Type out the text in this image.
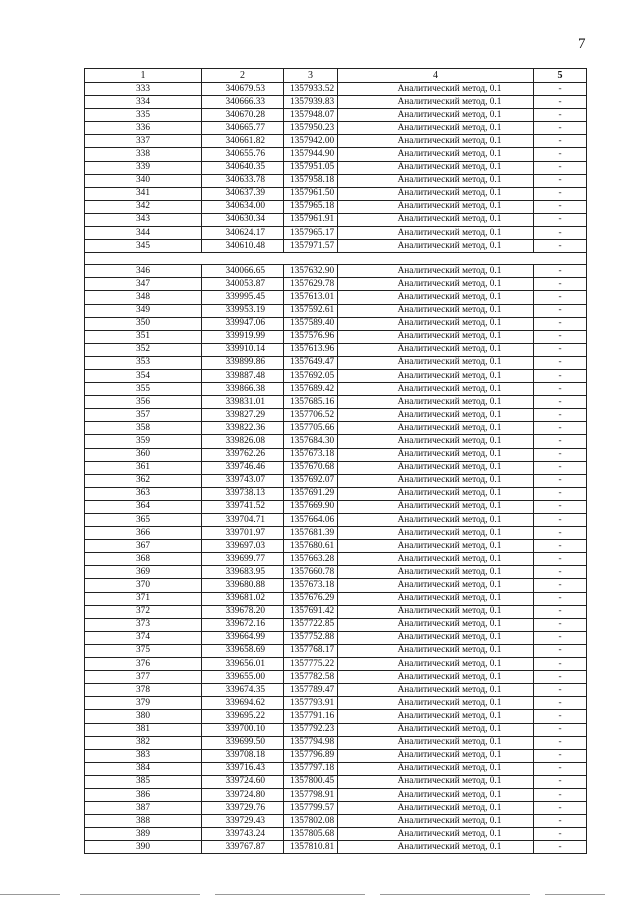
7
1	2	3	4	5
333	340679.53	1357933.52	Аналитический метод, 0.1	-
334	340666.33	1357939.83	Аналитический метод, 0.1	-
335	340670.28	1357948.07	Аналитический метод, 0.1	-
336	340665.77	1357950.23	Аналитический метод, 0.1	-
337	340661.82	1357942.00	Аналитический метод, 0.1	-
338	340655.76	1357944.90	Аналитический метод, 0.1	-
339	340640.35	1357951.05	Аналитический метод, 0.1	-
340	340633.78	1357958.18	Аналитический метод, 0.1	-
341	340637.39	1357961.50	Аналитический метод, 0.1	-
342	340634.00	1357965.18	Аналитический метод, 0.1	-
343	340630.34	1357961.91	Аналитический метод, 0.1	-
344	340624.17	1357965.17	Аналитический метод, 0.1	-
345	340610.48	1357971.57	Аналитический метод, 0.1	-

346	340066.65	1357632.90	Аналитический метод, 0.1	-
347	340053.87	1357629.78	Аналитический метод, 0.1	-
348	339995.45	1357613.01	Аналитический метод, 0.1	-
349	339953.19	1357592.61	Аналитический метод, 0.1	-
350	339947.06	1357589.40	Аналитический метод, 0.1	-
351	339919.99	1357576.96	Аналитический метод, 0.1	-
352	339910.14	1357613.96	Аналитический метод, 0.1	-
353	339899.86	1357649.47	Аналитический метод, 0.1	-
354	339887.48	1357692.05	Аналитический метод, 0.1	-
355	339866.38	1357689.42	Аналитический метод, 0.1	-
356	339831.01	1357685.16	Аналитический метод, 0.1	-
357	339827.29	1357706.52	Аналитический метод, 0.1	-
358	339822.36	1357705.66	Аналитический метод, 0.1	-
359	339826.08	1357684.30	Аналитический метод, 0.1	-
360	339762.26	1357673.18	Аналитический метод, 0.1	-
361	339746.46	1357670.68	Аналитический метод, 0.1	-
362	339743.07	1357692.07	Аналитический метод, 0.1	-
363	339738.13	1357691.29	Аналитический метод, 0.1	-
364	339741.52	1357669.90	Аналитический метод, 0.1	-
365	339704.71	1357664.06	Аналитический метод, 0.1	-
366	339701.97	1357681.39	Аналитический метод, 0.1	-
367	339697.03	1357680.61	Аналитический метод, 0.1	-
368	339699.77	1357663.28	Аналитический метод, 0.1	-
369	339683.95	1357660.78	Аналитический метод, 0.1	-
370	339680.88	1357673.18	Аналитический метод, 0.1	-
371	339681.02	1357676.29	Аналитический метод, 0.1	-
372	339678.20	1357691.42	Аналитический метод, 0.1	-
373	339672.16	1357722.85	Аналитический метод, 0.1	-
374	339664.99	1357752.88	Аналитический метод, 0.1	-
375	339658.69	1357768.17	Аналитический метод, 0.1	-
376	339656.01	1357775.22	Аналитический метод, 0.1	-
377	339655.00	1357782.58	Аналитический метод, 0.1	-
378	339674.35	1357789.47	Аналитический метод, 0.1	-
379	339694.62	1357793.91	Аналитический метод, 0.1	-
380	339695.22	1357791.16	Аналитический метод, 0.1	-
381	339700.10	1357792.23	Аналитический метод, 0.1	-
382	339699.50	1357794.98	Аналитический метод, 0.1	-
383	339708.18	1357796.89	Аналитический метод, 0.1	-
384	339716.43	1357797.18	Аналитический метод, 0.1	-
385	339724.60	1357800.45	Аналитический метод, 0.1	-
386	339724.80	1357798.91	Аналитический метод, 0.1	-
387	339729.76	1357799.57	Аналитический метод, 0.1	-
388	339729.43	1357802.08	Аналитический метод, 0.1	-
389	339743.24	1357805.68	Аналитический метод, 0.1	-
390	339767.87	1357810.81	Аналитический метод, 0.1	-
